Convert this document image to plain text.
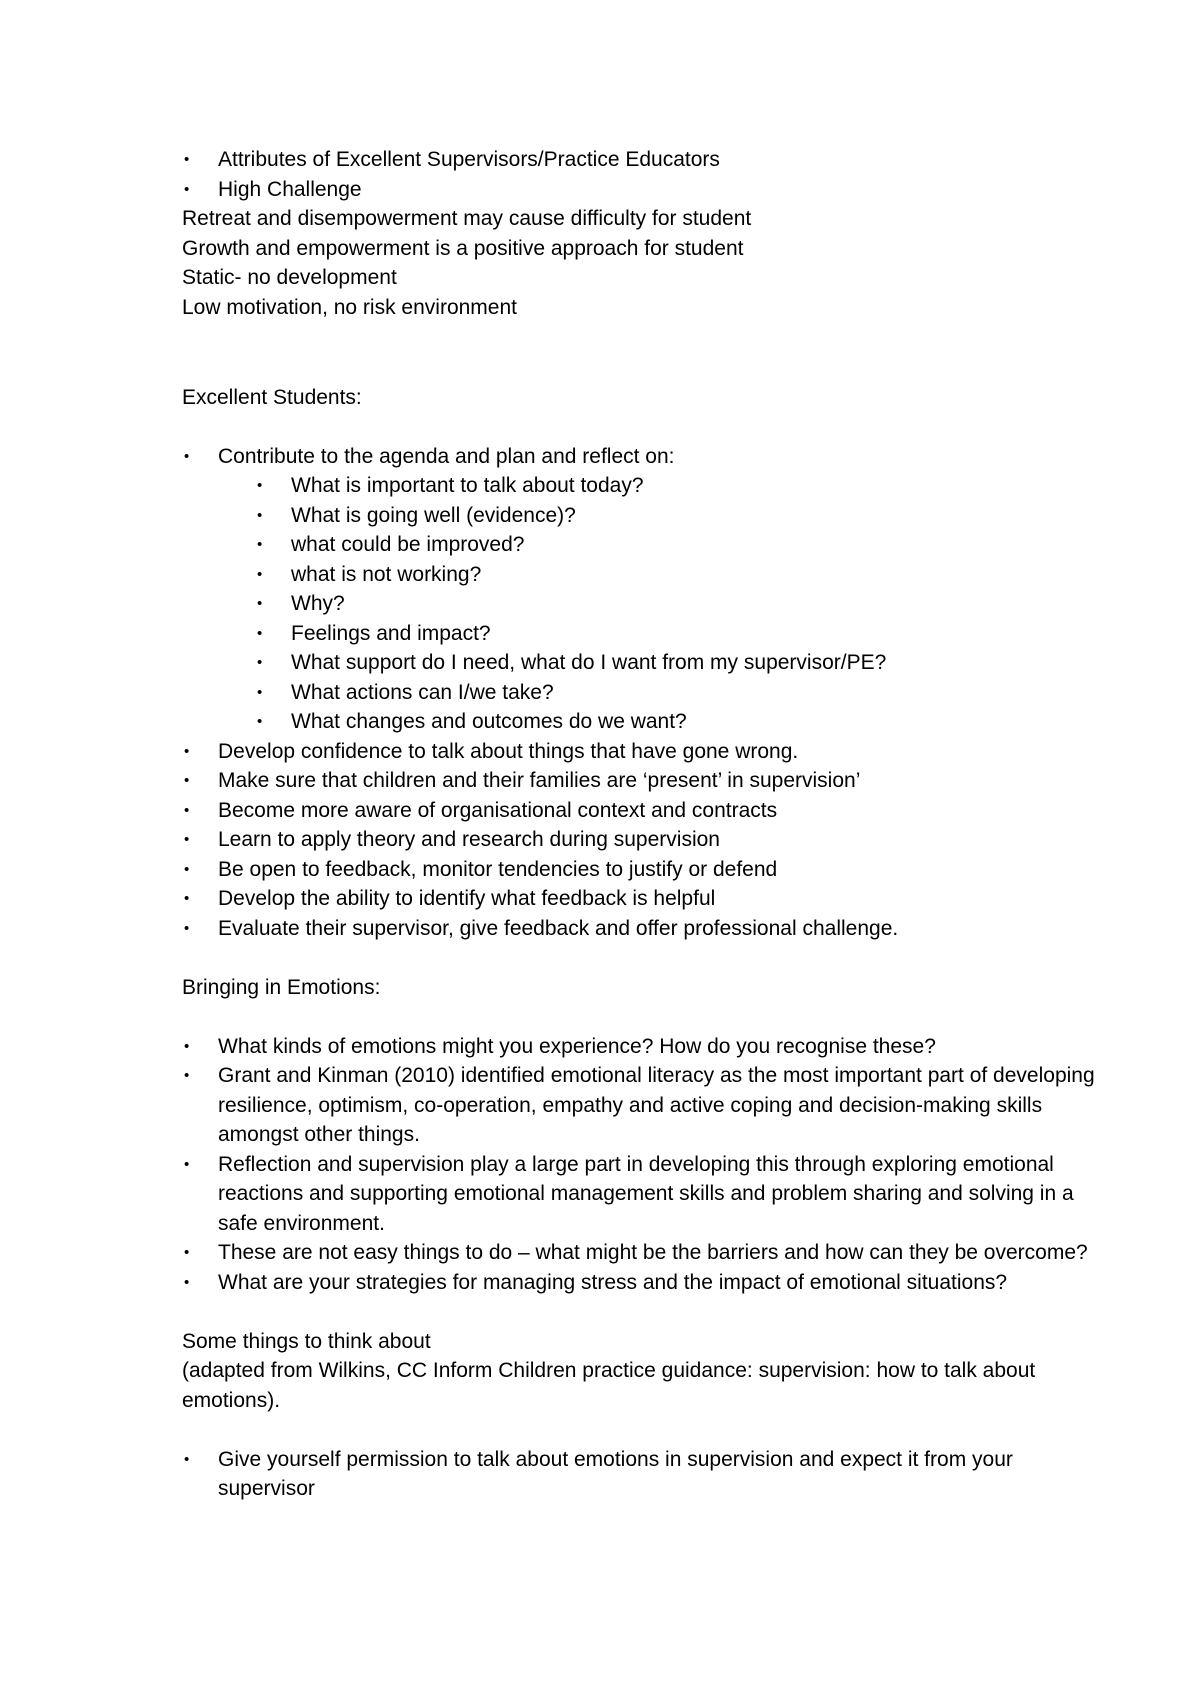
• Attributes of Excellent Supervisors/Practice Educators

• High Challenge

Retreat and disempowerment may cause difficulty for student

Growth and empowerment is a positive approach for student

Static- no development

Low motivation, no risk environment

Excellent Students:

• Contribute to the agenda and plan and reflect on:

• What is important to talk about today?

• What is going well (evidence)?

• what could be improved?

• what is not working?

• Why?

• Feelings and impact?

• What support do I need, what do I want from my supervisor/PE?

• What actions can I/we take?

• What changes and outcomes do we want?

• Develop confidence to talk about things that have gone wrong.

• Make sure that children and their families are ‘present’ in supervision’

• Become more aware of organisational context and contracts

• Learn to apply theory and research during supervision

• Be open to feedback, monitor tendencies to justify or defend

• Develop the ability to identify what feedback is helpful

• Evaluate their supervisor, give feedback and offer professional challenge.

Bringing in Emotions:

• What kinds of emotions might you experience? How do you recognise these?

• Grant and Kinman (2010) identified emotional literacy as the most important part of developing resilience, optimism, co-operation, empathy and active coping and decision-making skills amongst other things.

• Reflection and supervision play a large part in developing this through exploring emotional reactions and supporting emotional management skills and problem sharing and solving in a safe environment.

• These are not easy things to do – what might be the barriers and how can they be overcome?

• What are your strategies for managing stress and the impact of emotional situations?

Some things to think about

(adapted from Wilkins, CC Inform Children practice guidance: supervision: how to talk about emotions).

• Give yourself permission to talk about emotions in supervision and expect it from your supervisor
